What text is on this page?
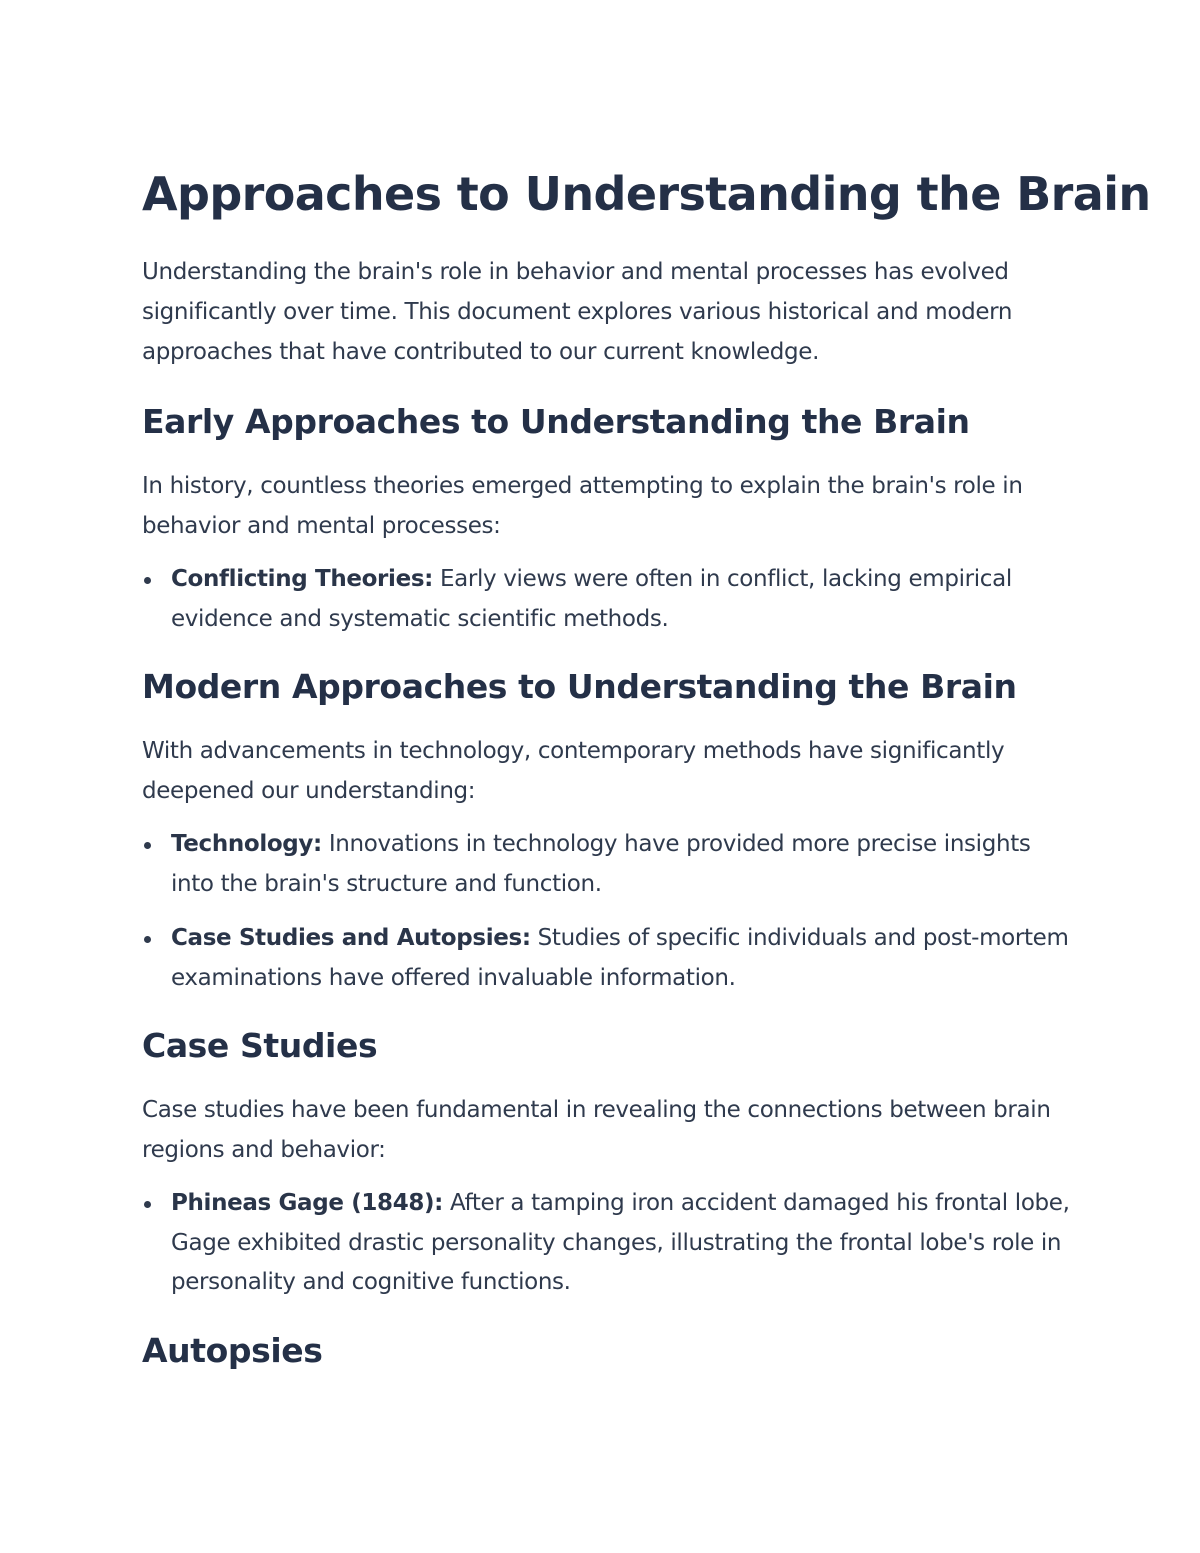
Approaches to Understanding the Brain

Understanding the brain's role in behavior and mental processes has evolved significantly over time. This document explores various historical and modern approaches that have contributed to our current knowledge.

Early Approaches to Understanding the Brain

In history, countless theories emerged attempting to explain the brain's role in behavior and mental processes:

Conflicting Theories: Early views were often in conflict, lacking empirical evidence and systematic scientific methods.
Modern Approaches to Understanding the Brain

With advancements in technology, contemporary methods have significantly deepened our understanding:

Technology: Innovations in technology have provided more precise insights into the brain's structure and function.
Case Studies and Autopsies: Studies of specific individuals and post-mortem examinations have offered invaluable information.
Case Studies

Case studies have been fundamental in revealing the connections between brain regions and behavior:

Phineas Gage (1848): After a tamping iron accident damaged his frontal lobe, Gage exhibited drastic personality changes, illustrating the frontal lobe's role in personality and cognitive functions.
Autopsies
